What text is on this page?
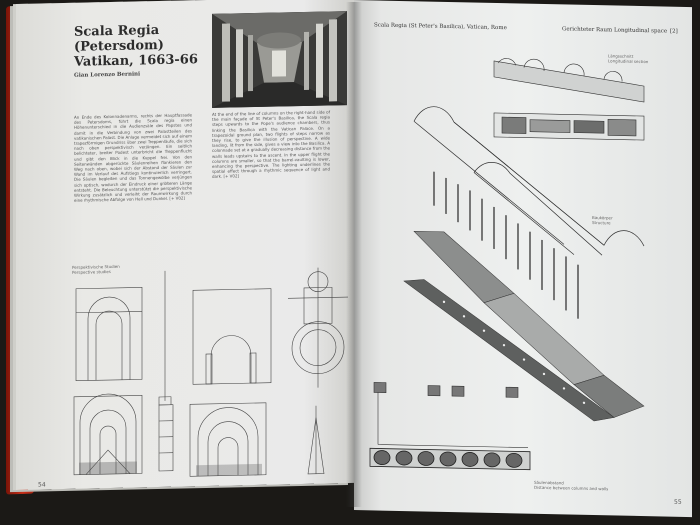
Scala Regia (Petersdom) Vatikan, 1663-66
Gian Lorenzo Bernini
An Ende des Kolonnadenarms, rechts der Hauptfassade des Petersdoms, führt die Scala regia einen Höhenunterschied in die Audienzsäle des Papstes und damit in die Verbindung von zwei Palastteilen des vatikanischen Palast. Die Anlage vermeidet sich auf einem trapezförmigen Grundriss über zwei Treppenläufe, die sich nach oben perspektivisch verjüngen. Ein seitlich belichteter, breiter Podest unterbricht die Treppenflucht und gibt den Blick in die Kuppel frei. Von den Seitenwänden abgerückte Säulenreihen flankieren den Weg nach oben, wobei sich der Abstand der Säulen zur Wand im Verlauf des Aufstiegs kontinuierlich verringert. Die Säulen begleiten und das Tonnengewölbe verjüngen sich optisch, wodurch der Eindruck einer größeren Länge entsteht. Die Beleuchtung unterstützt die perspektivische Wirkung zusätzlich und verleiht der Raumwirkung durch eine rhythmische Abfolge von Hell und Dunkel. [+ V02]
At the end of the line of columns on the right-hand side of the main façade of St Peter's Basilica, the Scala regia steps upwards to the Pope's audience chambers, thus linking the Basilica with the Vatican Palace. On a trapezoidal ground plan, two flights of steps narrow as they rise, to give the illusion of perspective. A wide landing, lit from the side, gives a view into the Basilica. A colonnade set at a gradually decreasing distance from the walls leads upstairs to the ascent. In the upper flight the columns are smaller, so that the barrel-vaulting is lower, enhancing the perspective. The lighting underlines the spatial effect through a rhythmic sequence of light and dark. [+ V02]
Perspektivische Studien
Perspective studies
54
Scala Regia (St Peter's Basilica), Vatican, Rome	Gerichteter Raum Longitudinal space [2]
Längsschnitt
Longitudinal section
Baukörper
Structure
Säulenabstand
Distance between columns and walls
55
